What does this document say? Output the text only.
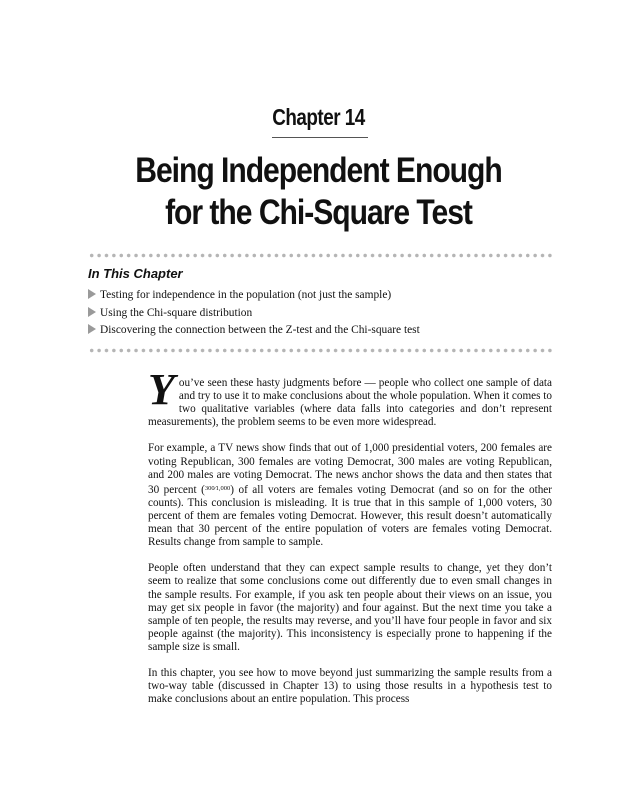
Chapter 14
Being Independent Enough
for the Chi-Square Test
In This Chapter
Testing for independence in the population (not just the sample)
Using the Chi-square distribution
Discovering the connection between the Z-test and the Chi-square test

You’ve seen these hasty judgments before — people who collect one sample of data and try to use it to make conclusions about the whole population. When it comes to two qualitative variables (where data falls into categories and don’t represent measurements), the problem seems to be even more widespread.

For example, a TV news show finds that out of 1,000 presidential voters, 200 females are voting Republican, 300 females are voting Democrat, 300 males are voting Republican, and 200 males are voting Democrat. The news anchor shows the data and then states that 30 percent ($^{300⁄1,000}$) of all voters are females voting Democrat (and so on for the other counts). This conclusion is misleading. It is true that in this sample of 1,000 voters, 30 percent of them are females voting Democrat. However, this result doesn’t automatically mean that 30 percent of the entire population of voters are females voting Democrat. Results change from sample to sample.

People often understand that they can expect sample results to change, yet they don’t seem to realize that some conclusions come out differently due to even small changes in the sample results. For example, if you ask ten people about their views on an issue, you may get six people in favor (the majority) and four against. But the next time you take a sample of ten people, the results may reverse, and you’ll have four people in favor and six people against (the majority). This inconsistency is especially prone to happening if the sample size is small.

In this chapter, you see how to move beyond just summarizing the sample results from a two-way table (discussed in Chapter 13) to using those results in a hypothesis test to make conclusions about an entire population. This process
